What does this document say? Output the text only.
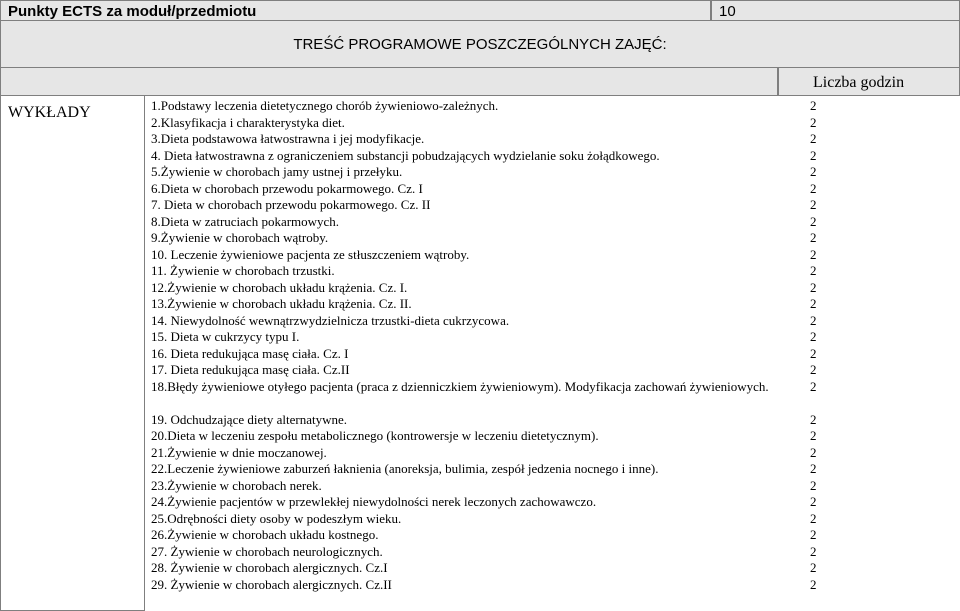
Punkty ECTS za moduł/przedmiotu	10
TREŚĆ PROGRAMOWE POSZCZEGÓLNYCH ZAJĘĆ:
Liczba godzin
WYKŁADY	1.Podstawy leczenia dietetycznego chorób żywieniowo-zależnych.	2
2.Klasyfikacja i charakterystyka diet.	2
3.Dieta podstawowa łatwostrawna i jej modyfikacje.	2
4. Dieta łatwostrawna z ograniczeniem substancji pobudzających wydzielanie soku żołądkowego.	2
5.Żywienie w chorobach jamy ustnej i przełyku.	2
6.Dieta w chorobach przewodu pokarmowego. Cz. I	2
7. Dieta w chorobach przewodu pokarmowego. Cz. II	2
8.Dieta w zatruciach pokarmowych.	2
9.Żywienie w chorobach wątroby.	2
10. Leczenie żywieniowe pacjenta ze stłuszczeniem wątroby.	2
11. Żywienie w chorobach trzustki.	2
12.Żywienie w chorobach układu krążenia. Cz. I.	2
13.Żywienie w chorobach układu krążenia. Cz. II.	2
14. Niewydolność wewnątrzwydzielnicza trzustki-dieta cukrzycowa.	2
15. Dieta w cukrzycy typu I.	2
16. Dieta redukująca masę ciała. Cz. I	2
17. Dieta redukująca masę ciała. Cz.II	2
18.Błędy żywieniowe otyłego pacjenta (praca z dzienniczkiem żywieniowym). Modyfikacja zachowań żywieniowych.	2
19. Odchudzające diety alternatywne.	2
20.Dieta w leczeniu zespołu metabolicznego (kontrowersje w leczeniu dietetycznym).	2
21.Żywienie w dnie moczanowej.	2
22.Leczenie żywieniowe zaburzeń łaknienia (anoreksja, bulimia, zespół jedzenia nocnego i inne).	2
23.Żywienie w chorobach nerek.	2
24.Żywienie pacjentów w przewlekłej niewydolności nerek leczonych zachowawczo.	2
25.Odrębności diety osoby w podeszłym wieku.	2
26.Żywienie w chorobach układu kostnego.	2
27. Żywienie w chorobach neurologicznych.	2
28. Żywienie w chorobach alergicznych. Cz.I	2
29. Żywienie w chorobach alergicznych. Cz.II	2
